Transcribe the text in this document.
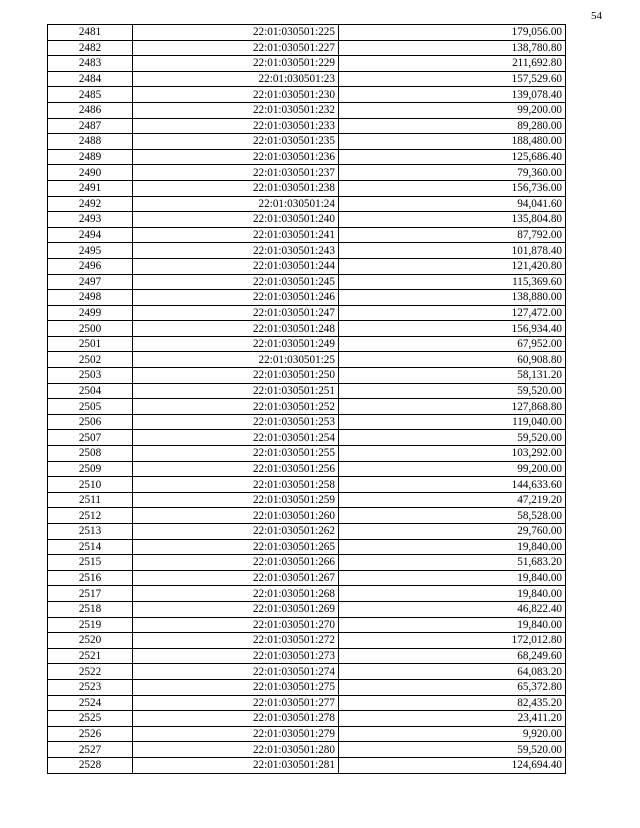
54
2481	22:01:030501:225	179,056.00
2482	22:01:030501:227	138,780.80
2483	22:01:030501:229	211,692.80
2484	22:01:030501:23	157,529.60
2485	22:01:030501:230	139,078.40
2486	22:01:030501:232	99,200.00
2487	22:01:030501:233	89,280.00
2488	22:01:030501:235	188,480.00
2489	22:01:030501:236	125,686.40
2490	22:01:030501:237	79,360.00
2491	22:01:030501:238	156,736.00
2492	22:01:030501:24	94,041.60
2493	22:01:030501:240	135,804.80
2494	22:01:030501:241	87,792.00
2495	22:01:030501:243	101,878.40
2496	22:01:030501:244	121,420.80
2497	22:01:030501:245	115,369.60
2498	22:01:030501:246	138,880.00
2499	22:01:030501:247	127,472.00
2500	22:01:030501:248	156,934.40
2501	22:01:030501:249	67,952.00
2502	22:01:030501:25	60,908.80
2503	22:01:030501:250	58,131.20
2504	22:01:030501:251	59,520.00
2505	22:01:030501:252	127,868.80
2506	22:01:030501:253	119,040.00
2507	22:01:030501:254	59,520.00
2508	22:01:030501:255	103,292.00
2509	22:01:030501:256	99,200.00
2510	22:01:030501:258	144,633.60
2511	22:01:030501:259	47,219.20
2512	22:01:030501:260	58,528.00
2513	22:01:030501:262	29,760.00
2514	22:01:030501:265	19,840.00
2515	22:01:030501:266	51,683.20
2516	22:01:030501:267	19,840.00
2517	22:01:030501:268	19,840.00
2518	22:01:030501:269	46,822.40
2519	22:01:030501:270	19,840.00
2520	22:01:030501:272	172,012.80
2521	22:01:030501:273	68,249.60
2522	22:01:030501:274	64,083.20
2523	22:01:030501:275	65,372.80
2524	22:01:030501:277	82,435.20
2525	22:01:030501:278	23,411.20
2526	22:01:030501:279	9,920.00
2527	22:01:030501:280	59,520.00
2528	22:01:030501:281	124,694.40
